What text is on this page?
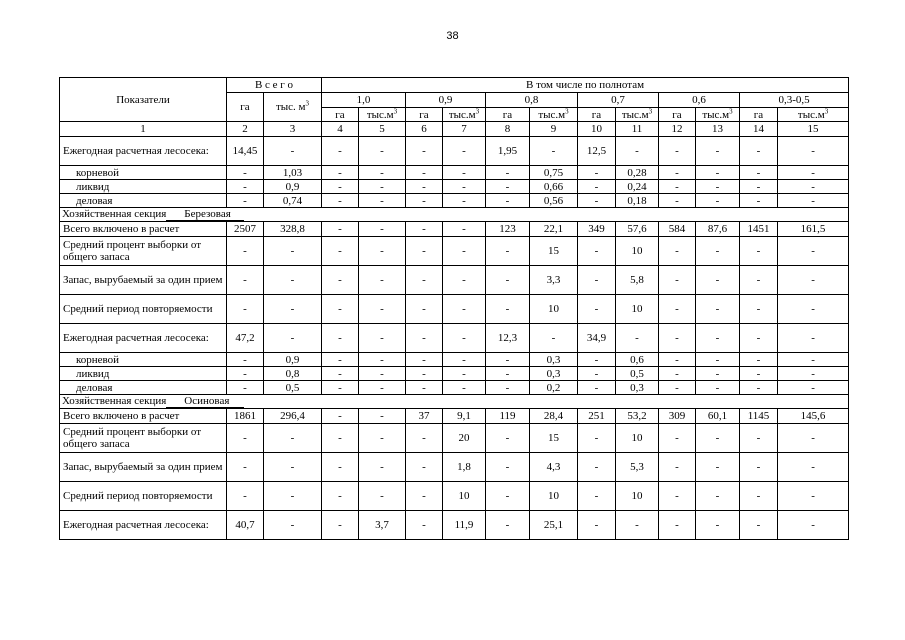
38
Показатели	В с е г о		В том числе по полнотам											
	га	тыс. $м^3$	1,0		0,9		0,8		0,7		0,6		0,3-0,5	
			га	$тыс.м^3$	га	$тыс.м^3$	га	$тыс.м^3$	га	$тыс.м^3$	га	$тыс.м^3$	га	$тыс.м^3$
1	2	3	4	5	6	7	8	9	10	11	12	13	14	15
Ежегодная расчетная лесосека:	14,45	-	-	-	-	-	1,95	-	12,5	-	-	-	-	-
корневой	-	1,03	-	-	-	-	-	0,75	-	0,28	-	-	-	-
ликвид	-	0,9	-	-	-	-	-	0,66	-	0,24	-	-	-	-
деловая	-	0,74	-	-	-	-	-	0,56	-	0,18	-	-	-	-
Хозяйственная секция Березовая														
Всего включено в расчет	2507	328,8	-	-	-	-	123	22,1	349	57,6	584	87,6	1451	161,5
Средний процент выборки от общего запаса	-	-	-	-	-	-	-	15	-	10	-	-	-	-
Запас, вырубаемый за один прием	-	-	-	-	-	-	-	3,3	-	5,8	-	-	-	-
Средний период повторяемости	-	-	-	-	-	-	-	10	-	10	-	-	-	-
Ежегодная расчетная лесосека:	47,2	-	-	-	-	-	12,3	-	34,9	-	-	-	-	-
корневой	-	0,9	-	-	-	-	-	0,3	-	0,6	-	-	-	-
ликвид	-	0,8	-	-	-	-	-	0,3	-	0,5	-	-	-	-
деловая	-	0,5	-	-	-	-	-	0,2	-	0,3	-	-	-	-
Хозяйственная секция Осиновая														
Всего включено в расчет	1861	296,4	-	-	37	9,1	119	28,4	251	53,2	309	60,1	1145	145,6
Средний процент выборки от общего запаса	-	-	-	-	-	20	-	15	-	10	-	-	-	-
Запас, вырубаемый за один прием	-	-	-	-	-	1,8	-	4,3	-	5,3	-	-	-	-
Средний период повторяемости	-	-	-	-	-	10	-	10	-	10	-	-	-	-
Ежегодная расчетная лесосека:	40,7	-	-	3,7	-	11,9	-	25,1	-	-	-	-	-	-
